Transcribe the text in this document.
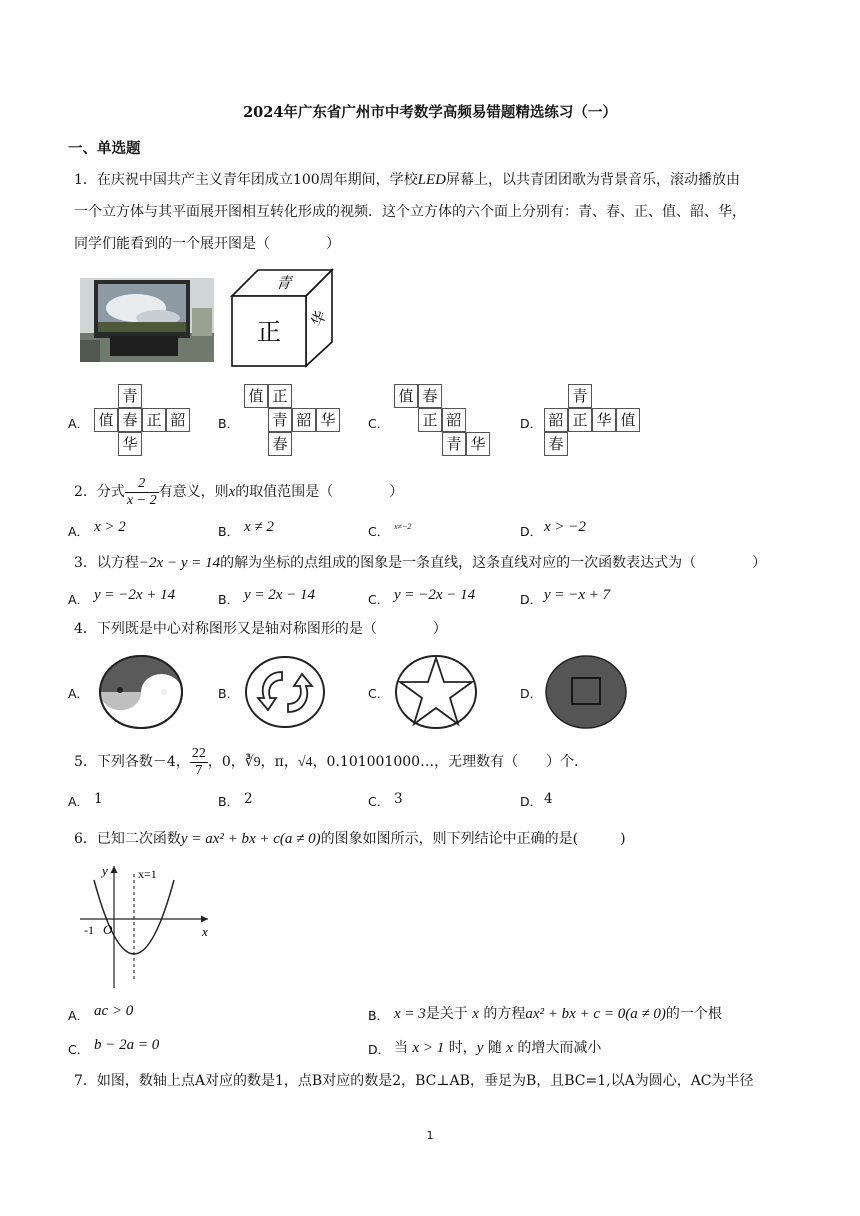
2024年广东省广州市中考数学高频易错题精选练习（一）
一、单选题
1．在庆祝中国共产主义青年团成立100周年期间，学校LED屏幕上，以共青团团歌为背景音乐，滚动播放由
一个立方体与其平面展开图相互转化形成的视频．这个立方体的六个面上分别有：青、春、正、值、韶、华，
同学们能看到的一个展开图是（　　　　）
正
青
华
A．
青
值 春 正 韶
华
B．
值 正
青 韶 华
春
C．
值 春
正 韶
青 华
D．
青
韶 正 华 值
春
2．分式 $\frac{2}{x - 2}$ 有意义，则x的取值范围是（　　　　）
A． x > 2	B． x ≠ 2	C． x≠−2	D． x > −2
3．以方程−2x − y = 14的解为坐标的点组成的图象是一条直线，这条直线对应的一次函数表达式为（　　　　）
A． y = −2x + 14	B． y = 2x − 14	C． y = −2x − 14	D． y = −x + 7
4．下列既是中心对称图形又是轴对称图形的是（　　　　）
A．	B．	C．	D．
5．下列各数－4， $\frac{22}{7}$ ，0，∛9，π，√4，0.101001000…，无理数有（　　）个．
A． 1	B． 2	C． 3	D． 4
6．已知二次函数y = ax² + bx + c(a ≠ 0)的图象如图所示，则下列结论中正确的是(　　　)
y
x
x=1
O
-1
A． ac > 0	B． x = 3是关于 x 的方程ax² + bx + c = 0(a ≠ 0)的一个根
C． b − 2a = 0	D． 当 x > 1 时，y 随 x 的增大而减小
7．如图，数轴上点A对应的数是1，点B对应的数是2，BC⊥AB，垂足为B，且BC=1,以A为圆心，AC为半径
1
